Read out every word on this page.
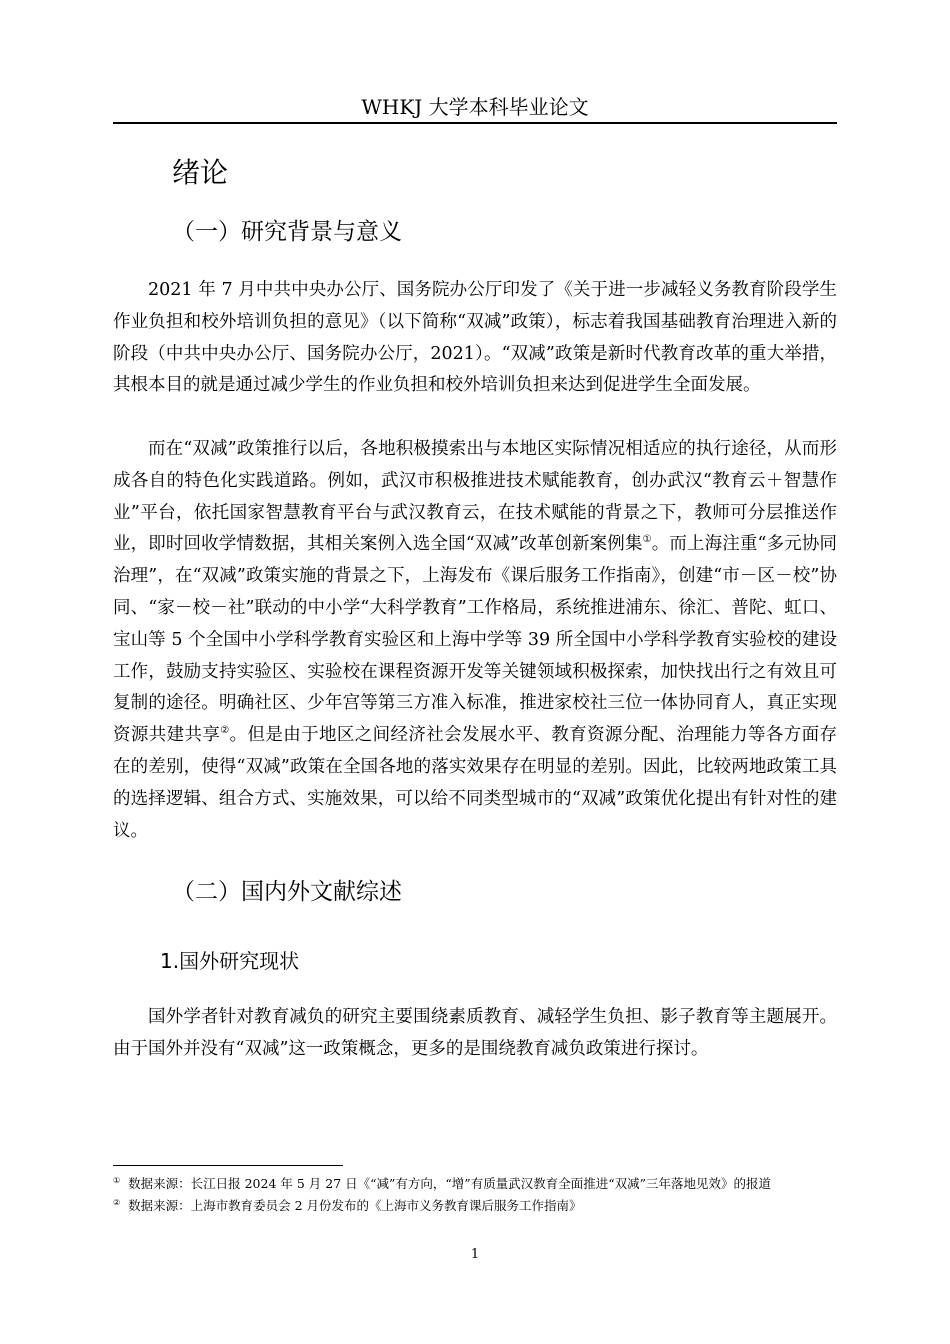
WHKJ 大学本科毕业论文
绪论
（一）研究背景与意义

2021 年 7 月中共中央办公厅、国务院办公厅印发了《关于进一步减轻义务教育阶段学生作业负担和校外培训负担的意见》（以下简称“双减”政策），标志着我国基础教育治理进入新的阶段（中共中央办公厅、国务院办公厅，2021）。“双减”政策是新时代教育改革的重大举措，其根本目的就是通过减少学生的作业负担和校外培训负担来达到促进学生全面发展。

而在“双减”政策推行以后，各地积极摸索出与本地区实际情况相适应的执行途径，从而形成各自的特色化实践道路。例如，武汉市积极推进技术赋能教育，创办武汉“教育云＋智慧作业”平台，依托国家智慧教育平台与武汉教育云，在技术赋能的背景之下，教师可分层推送作业，即时回收学情数据，其相关案例入选全国“双减”改革创新案例集①。而上海注重“多元协同治理”，在“双减”政策实施的背景之下，上海发布《课后服务工作指南》，创建“市－区－校”协同、“家－校－社”联动的中小学“大科学教育”工作格局，系统推进浦东、徐汇、普陀、虹口、宝山等 5 个全国中小学科学教育实验区和上海中学等 39 所全国中小学科学教育实验校的建设工作，鼓励支持实验区、实验校在课程资源开发等关键领域积极探索，加快找出行之有效且可复制的途径。明确社区、少年宫等第三方准入标准，推进家校社三位一体协同育人，真正实现资源共建共享②。但是由于地区之间经济社会发展水平、教育资源分配、治理能力等各方面存在的差别，使得“双减”政策在全国各地的落实效果存在明显的差别。因此，比较两地政策工具的选择逻辑、组合方式、实施效果，可以给不同类型城市的“双减”政策优化提出有针对性的建议。

（二）国内外文献综述
1.国外研究现状

国外学者针对教育减负的研究主要围绕素质教育、减轻学生负担、影子教育等主题展开。由于国外并没有“双减”这一政策概念，更多的是围绕教育减负政策进行探讨。

① 数据来源：长江日报 2024 年 5 月 27 日《“减”有方向，“增”有质量武汉教育全面推进“双减”三年落地见效》的报道

② 数据来源：上海市教育委员会 2 月份发布的《上海市义务教育课后服务工作指南》

1
